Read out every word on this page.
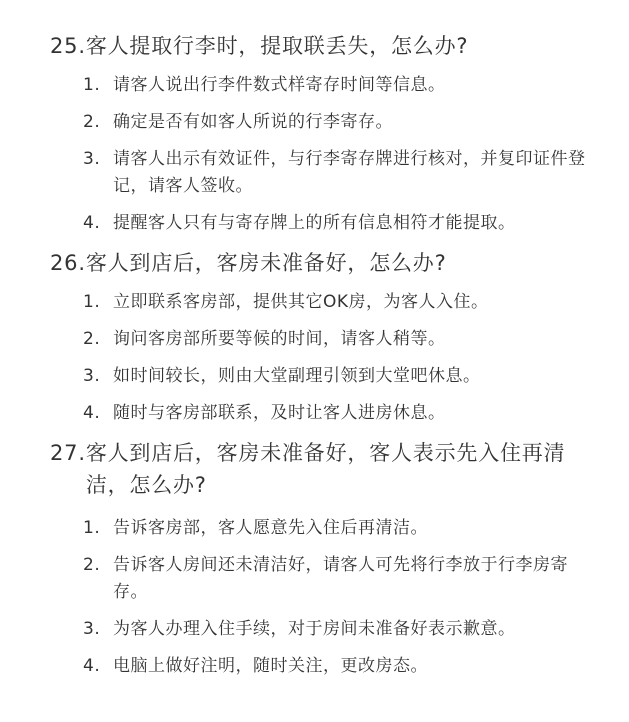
25. 客人提取行李时，提取联丢失，怎么办?
1. 请客人说出行李件数式样寄存时间等信息。
2. 确定是否有如客人所说的行李寄存。
3. 请客人出示有效证件，与行李寄存牌进行核对，并复印证件登记，请客人签收。
4. 提醒客人只有与寄存牌上的所有信息相符才能提取。
26. 客人到店后，客房未准备好，怎么办?
1. 立即联系客房部，提供其它OK房，为客人入住。
2. 询问客房部所要等候的时间，请客人稍等。
3. 如时间较长，则由大堂副理引领到大堂吧休息。
4. 随时与客房部联系，及时让客人进房休息。
27. 客人到店后，客房未准备好，客人表示先入住再清洁，怎么办?
1. 告诉客房部，客人愿意先入住后再清洁。
2. 告诉客人房间还未清洁好，请客人可先将行李放于行李房寄存。
3. 为客人办理入住手续，对于房间未准备好表示歉意。
4. 电脑上做好注明，随时关注，更改房态。
